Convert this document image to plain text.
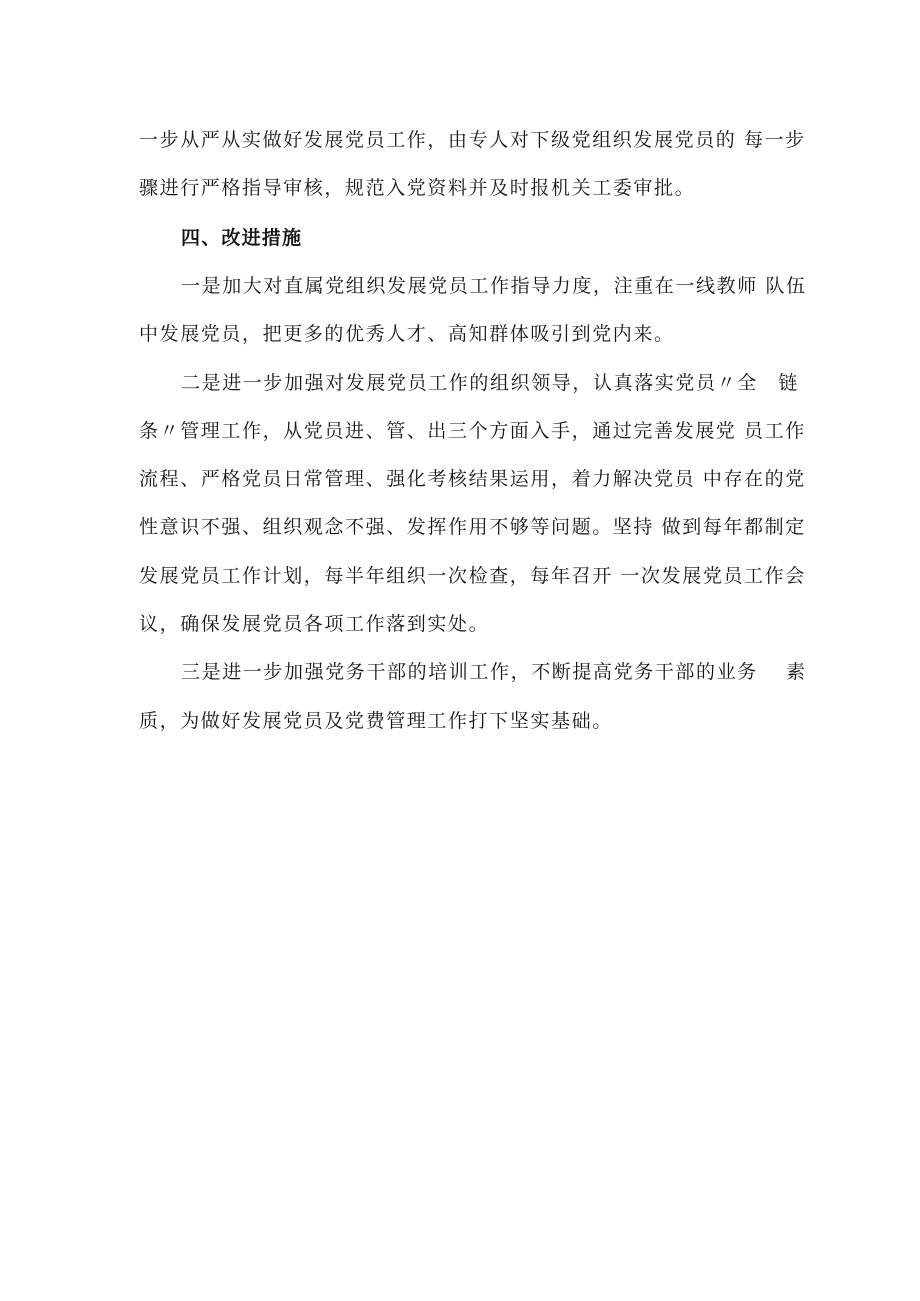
一步从严从实做好发展党员工作，由专人对下级党组织发展党员的 每一步
骤进行严格指导审核，规范入党资料并及时报机关工委审批。
四、改进措施
一是加大对直属党组织发展党员工作指导力度，注重在一线教师 队伍
中发展党员，把更多的优秀人才、高知群体吸引到党内来。
二是进一步加强对发展党员工作的组织领导，认真落实党员〃全　链
条〃管理工作，从党员进、管、出三个方面入手，通过完善发展党 员工作
流程、严格党员日常管理、强化考核结果运用，着力解决党员 中存在的党
性意识不强、组织观念不强、发挥作用不够等问题。坚持 做到每年都制定
发展党员工作计划，每半年组织一次检查，每年召开 一次发展党员工作会
议，确保发展党员各项工作落到实处。
三是进一步加强党务干部的培训工作，不断提高党务干部的业务　 素
质，为做好发展党员及党费管理工作打下坚实基础。
